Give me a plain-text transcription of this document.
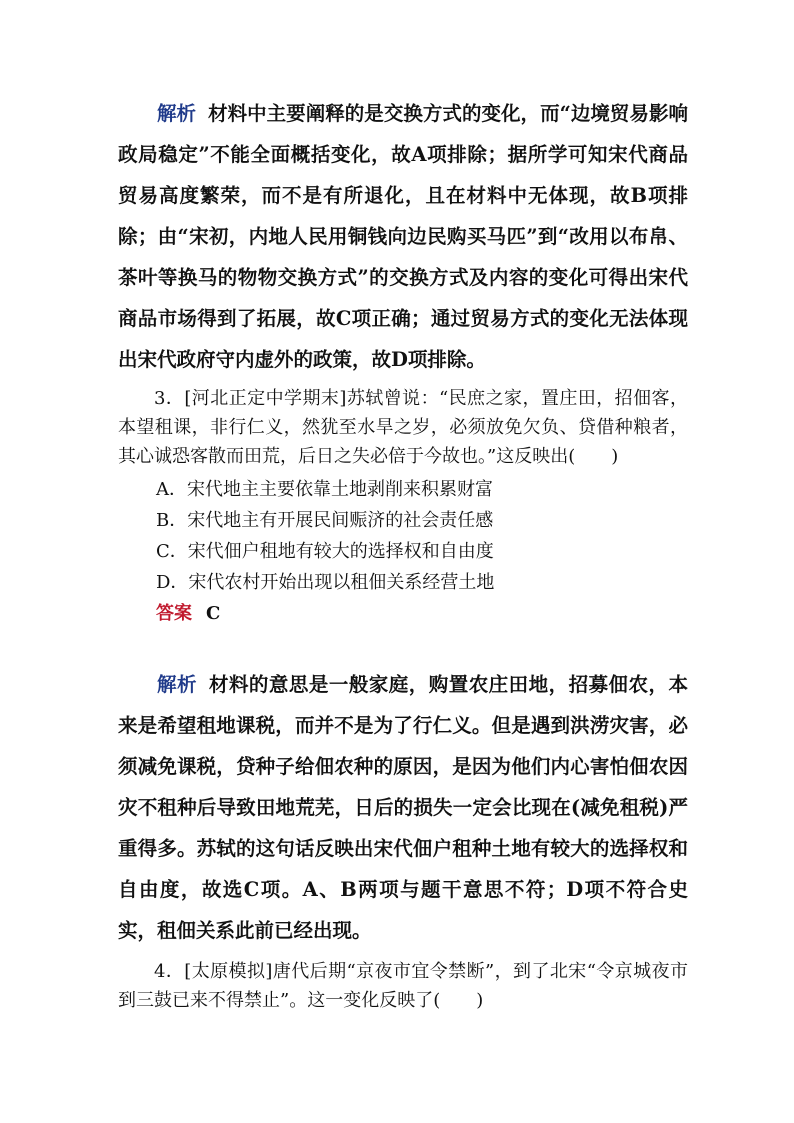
解析 材料中主要阐释的是交换方式的变化，而“边境贸易影响政局稳定”不能全面概括变化，故A项排除；据所学可知宋代商品贸易高度繁荣，而不是有所退化，且在材料中无体现，故B项排除；由“宋初，内地人民用铜钱向边民购买马匹”到“改用以布帛、茶叶等换马的物物交换方式”的交换方式及内容的变化可得出宋代商品市场得到了拓展，故C项正确；通过贸易方式的变化无法体现出宋代政府守内虚外的政策，故D项排除。

3．[河北正定中学期末]苏轼曾说：“民庶之家，置庄田，招佃客，本望租课，非行仁义，然犹至水旱之岁，必须放免欠负、贷借种粮者，其心诚恐客散而田荒，后日之失必倍于今故也。”这反映出(　　)

A．宋代地主主要依靠土地剥削来积累财富
B．宋代地主有开展民间赈济的社会责任感
C．宋代佃户租地有较大的选择权和自由度
D．宋代农村开始出现以租佃关系经营土地
答案 C

解析 材料的意思是一般家庭，购置农庄田地，招募佃农，本来是希望租地课税，而并不是为了行仁义。但是遇到洪涝灾害，必须减免课税，贷种子给佃农种的原因，是因为他们内心害怕佃农因灾不租种后导致田地荒芜，日后的损失一定会比现在(减免租税)严重得多。苏轼的这句话反映出宋代佃户租种土地有较大的选择权和自由度，故选C项。A、B两项与题干意思不符；D项不符合史实，租佃关系此前已经出现。

4．[太原模拟]唐代后期“京夜市宜令禁断”，到了北宋“令京城夜市到三鼓已来不得禁止”。这一变化反映了(　　)
